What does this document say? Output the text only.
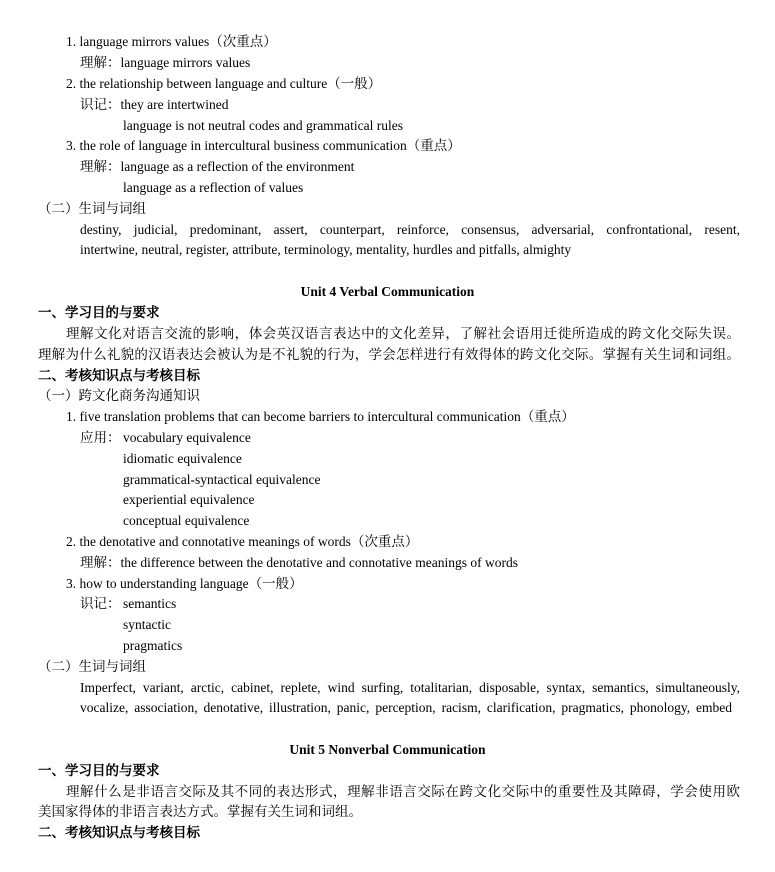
1. language mirrors values（次重点）
理解：language mirrors values
2. the relationship between language and culture（一般）
识记：they are intertwined
language is not neutral codes and grammatical rules
3. the role of language in intercultural business communication（重点）
理解：language as a reflection of the environment
language as a reflection of values
（二）生词与词组
destiny, judicial, predominant, assert, counterpart, reinforce, consensus, adversarial, confrontational, resent,
intertwine, neutral, register, attribute, terminology, mentality, hurdles and pitfalls, almighty
Unit 4 Verbal Communication
一、学习目的与要求
理解文化对语言交流的影响，体会英汉语言表达中的文化差异，了解社会语用迁徙所造成的跨文化交际失误。
理解为什么礼貌的汉语表达会被认为是不礼貌的行为，学会怎样进行有效得体的跨文化交际。掌握有关生词和词组。
二、考核知识点与考核目标
（一）跨文化商务沟通知识
1. five translation problems that can become barriers to intercultural communication（重点）
应用： vocabulary equivalence
idiomatic equivalence
grammatical-syntactical equivalence
experiential equivalence
conceptual equivalence
2. the denotative and connotative meanings of words（次重点）
理解：the difference between the denotative and connotative meanings of words
3. how to understanding language（一般）
识记： semantics
syntactic
pragmatics
（二）生词与词组
Imperfect, variant, arctic, cabinet, replete, wind surfing, totalitarian, disposable, syntax, semantics, simultaneously,
vocalize, association, denotative, illustration, panic, perception, racism, clarification, pragmatics, phonology, embed
Unit 5 Nonverbal Communication
一、学习目的与要求
理解什么是非语言交际及其不同的表达形式，理解非语言交际在跨文化交际中的重要性及其障碍，学会使用欧
美国家得体的非语言表达方式。掌握有关生词和词组。
二、考核知识点与考核目标
